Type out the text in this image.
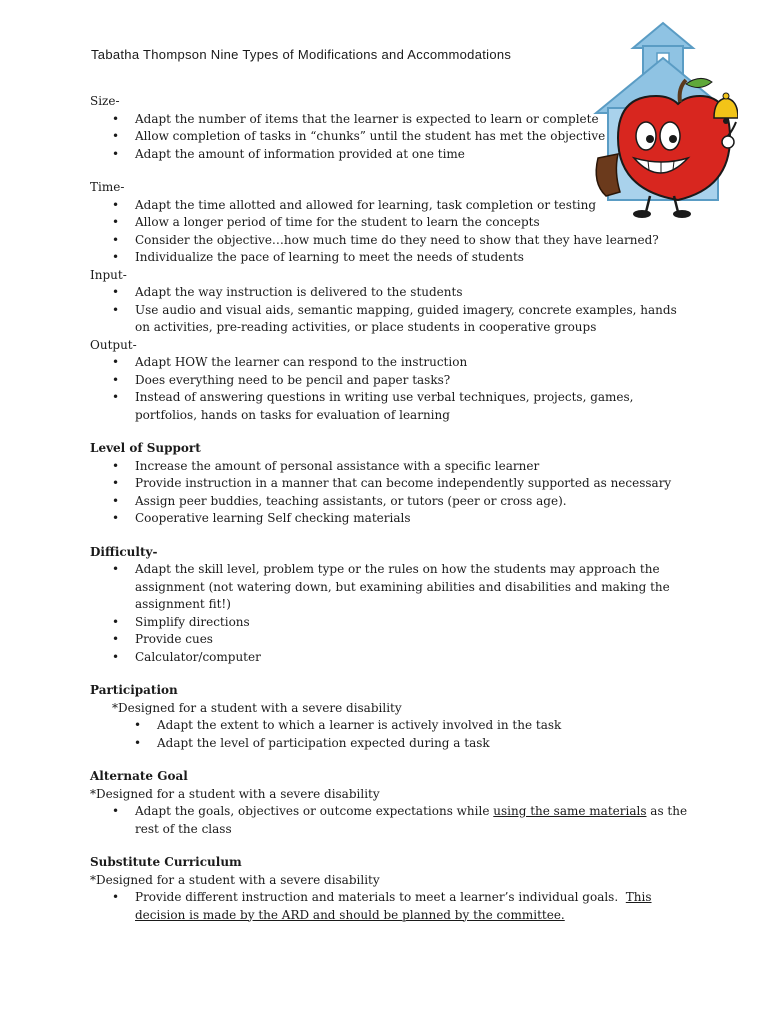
Tabatha Thompson Nine Types of Modifications and Accommodations

Size-

• Adapt the number of items that the learner is expected to learn or complete
• Allow completion of tasks in “chunks” until the student has met the objective
• Adapt the amount of information provided at one time

Time-

• Adapt the time allotted and allowed for learning, task completion or testing
• Allow a longer period of time for the student to learn the concepts
• Consider the objective…how much time do they need to show that they have learned?
• Individualize the pace of learning to meet the needs of students

Input-

• Adapt the way instruction is delivered to the students
• Use audio and visual aids, semantic mapping, guided imagery, concrete examples, hands on activities, pre-reading activities, or place students in cooperative groups

Output-

• Adapt HOW the learner can respond to the instruction
• Does everything need to be pencil and paper tasks?
• Instead of answering questions in writing use verbal techniques, projects, games, portfolios, hands on tasks for evaluation of learning

Level of Support

• Increase the amount of personal assistance with a specific learner
• Provide instruction in a manner that can become independently supported as necessary
• Assign peer buddies, teaching assistants, or tutors (peer or cross age).
• Cooperative learning Self checking materials

Difficulty-

• Adapt the skill level, problem type or the rules on how the students may approach the assignment (not watering down, but examining abilities and disabilities and making the assignment fit!)
• Simplify directions
• Provide cues
• Calculator/computer

Participation

*Designed for a student with a severe disability

• Adapt the extent to which a learner is actively involved in the task
• Adapt the level of participation expected during a task

Alternate Goal

*Designed for a student with a severe disability

• Adapt the goals, objectives or outcome expectations while using the same materials as the rest of the class

Substitute Curriculum

*Designed for a student with a severe disability

• Provide different instruction and materials to meet a learner’s individual goals.  This decision is made by the ARD and should be planned by the committee.
